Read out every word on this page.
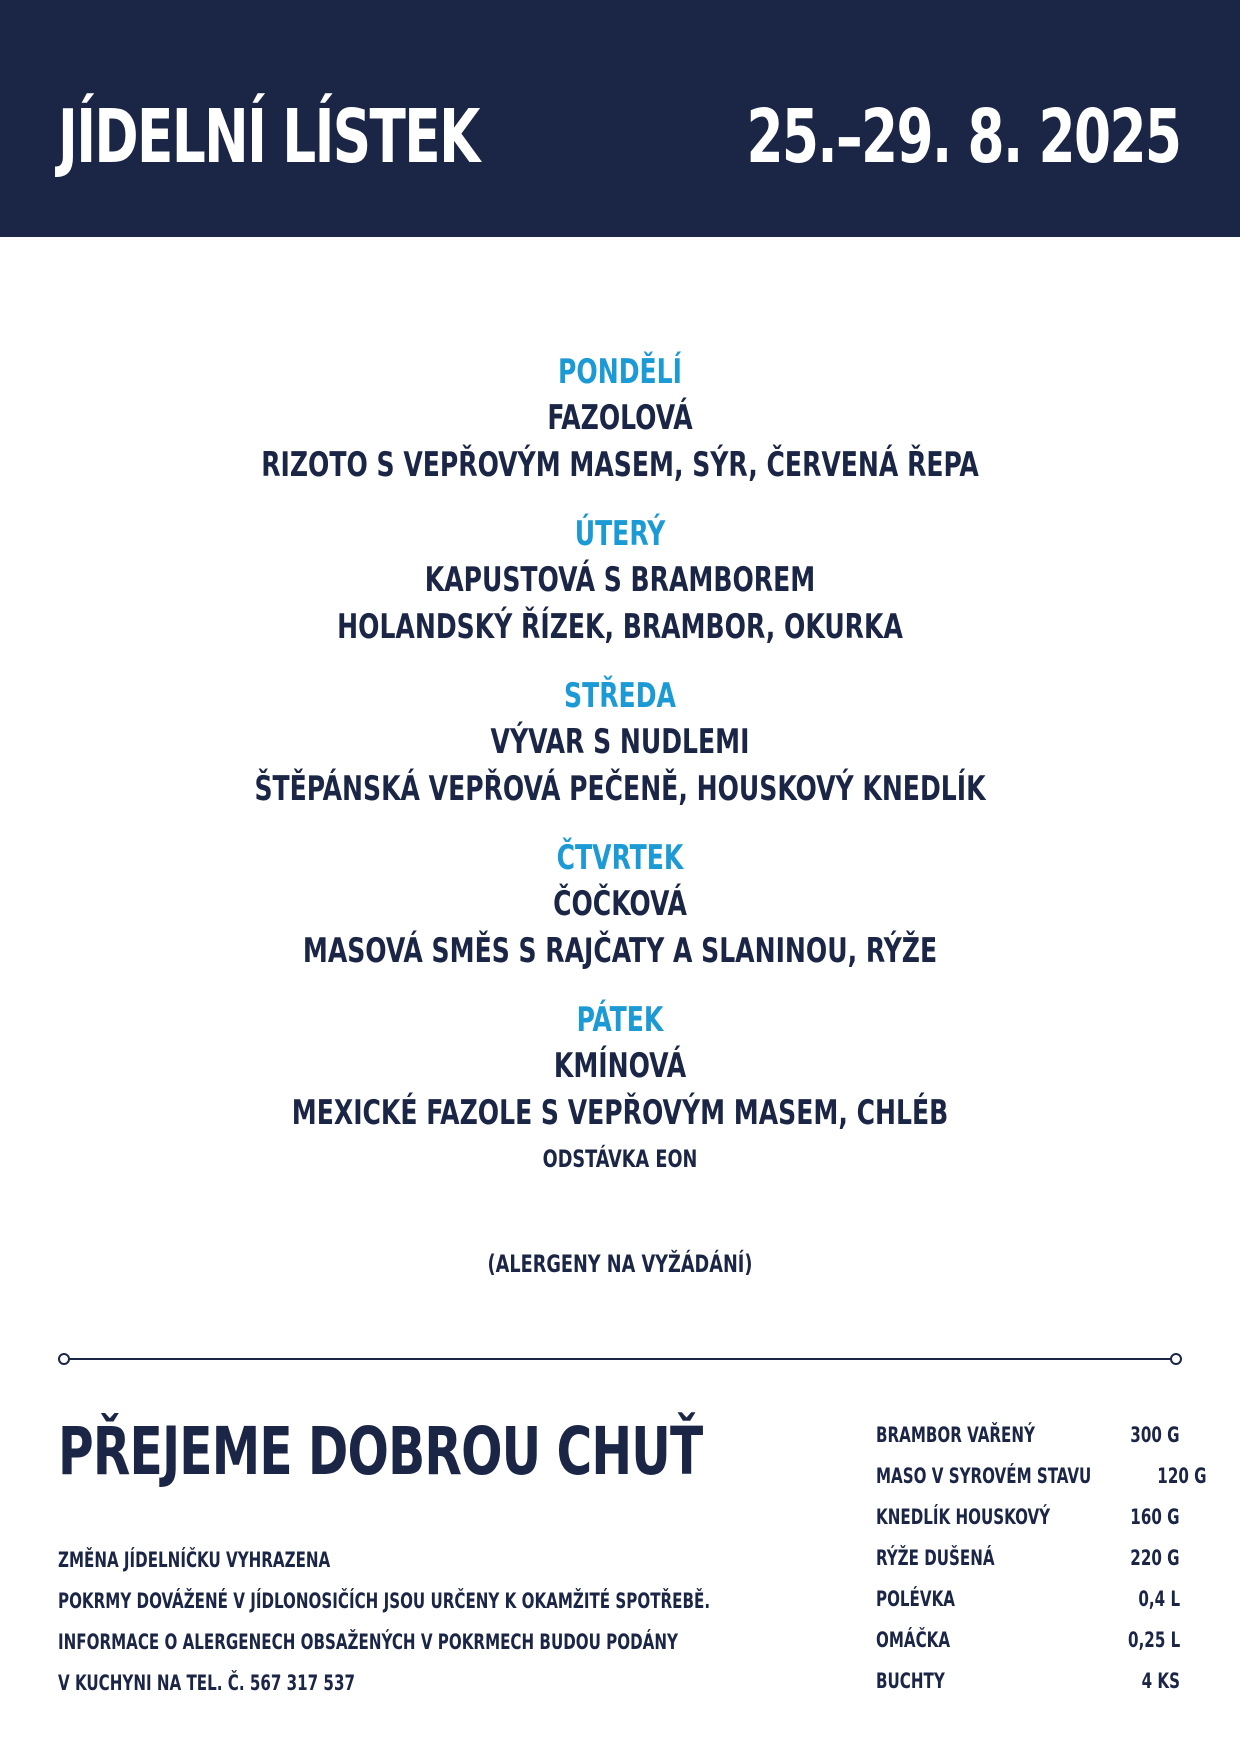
JÍDELNÍ LÍSTEK	25.–29. 8. 2025
PONDĚLÍ
FAZOLOVÁ
RIZOTO S VEPŘOVÝM MASEM, SÝR, ČERVENÁ ŘEPA
ÚTERÝ
KAPUSTOVÁ S BRAMBOREM
HOLANDSKÝ ŘÍZEK, BRAMBOR, OKURKA
STŘEDA
VÝVAR S NUDLEMI
ŠTĚPÁNSKÁ VEPŘOVÁ PEČENĚ, HOUSKOVÝ KNEDLÍK
ČTVRTEK
ČOČKOVÁ
MASOVÁ SMĚS S RAJČATY A SLANINOU, RÝŽE
PÁTEK
KMÍNOVÁ
MEXICKÉ FAZOLE S VEPŘOVÝM MASEM, CHLÉB
ODSTÁVKA EON
(ALERGENY NA VYŽÁDÁNÍ)
PŘEJEME DOBROU CHUŤ
ZMĚNA JÍDELNÍČKU VYHRAZENA
POKRMY DOVÁŽENÉ V JÍDLONOSIČÍCH JSOU URČENY K OKAMŽITÉ SPOTŘEBĚ.
INFORMACE O ALERGENECH OBSAŽENÝCH V POKRMECH BUDOU PODÁNY
V KUCHYNI NA TEL. Č. 567 317 537
BRAMBOR VAŘENÝ	300 G
MASO V SYROVÉM STAVU	120 G
KNEDLÍK HOUSKOVÝ	160 G
RÝŽE DUŠENÁ	220 G
POLÉVKA	0,4 L
OMÁČKA	0,25 L
BUCHTY	4 KS
